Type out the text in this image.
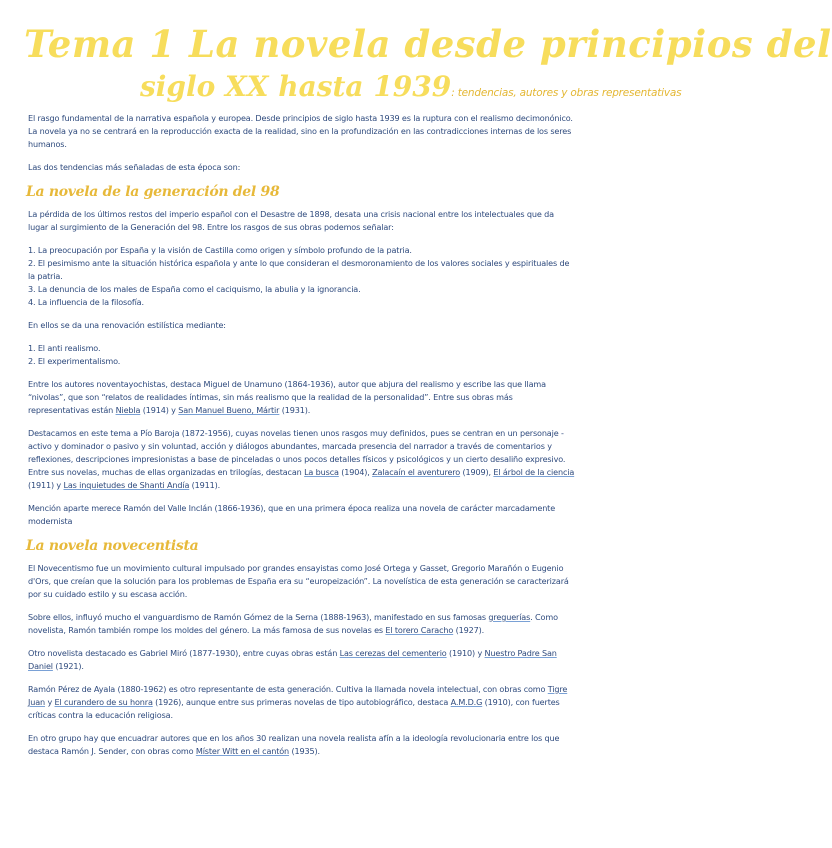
Tema 1 La novela desde principios del
siglo XX hasta 1939: tendencias, autores y obras representativas

El rasgo fundamental de la narrativa española y europea. Desde principios de siglo hasta 1939 es la ruptura con el realismo decimonónico. La novela ya no se centrará en la reproducción exacta de la realidad, sino en la profundización en las contradicciones internas de los seres humanos.

Las dos tendencias más señaladas de esta época son:

La novela de la generación del 98

La pérdida de los últimos restos del imperio español con el Desastre de 1898, desata una crisis nacional entre los intelectuales que da lugar al surgimiento de la Generación del 98. Entre los rasgos de sus obras podemos señalar:

1. La preocupación por España y la visión de Castilla como origen y símbolo profundo de la patria.
2. El pesimismo ante la situación histórica española y ante lo que consideran el desmoronamiento de los valores sociales y espirituales de la patria.
3. La denuncia de los males de España como el caciquismo, la abulia y la ignorancia.
4. La influencia de la filosofía.

En ellos se da una renovación estilística mediante:

1. El anti realismo.
2. El experimentalismo.

Entre los autores noventayochistas, destaca Miguel de Unamuno (1864-1936), autor que abjura del realismo y escribe las que llama “nivolas”, que son “relatos de realidades íntimas, sin más realismo que la realidad de la personalidad”. Entre sus obras más representativas están Niebla (1914) y San Manuel Bueno, Mártir (1931).

Destacamos en este tema a Pío Baroja (1872-1956), cuyas novelas tienen unos rasgos muy definidos, pues se centran en un personaje -activo y dominador o pasivo y sin voluntad, acción y diálogos abundantes, marcada presencia del narrador a través de comentarios y reflexiones, descripciones impresionistas a base de pinceladas o unos pocos detalles físicos y psicológicos y un cierto desaliño expresivo. Entre sus novelas, muchas de ellas organizadas en trilogías, destacan La busca (1904), Zalacaín el aventurero (1909), El árbol de la ciencia (1911) y Las inquietudes de Shanti Andía (1911).

Mención aparte merece Ramón del Valle Inclán (1866-1936), que en una primera época realiza una novela de carácter marcadamente modernista

La novela novecentista

El Novecentismo fue un movimiento cultural impulsado por grandes ensayistas como José Ortega y Gasset, Gregorio Marañón o Eugenio d'Ors, que creían que la solución para los problemas de España era su “europeización”. La novelística de esta generación se caracterizará por su cuidado estilo y su escasa acción.

Sobre ellos, influyó mucho el vanguardismo de Ramón Gómez de la Serna (1888-1963), manifestado en sus famosas greguerías. Como novelista, Ramón también rompe los moldes del género. La más famosa de sus novelas es El torero Caracho (1927).

Otro novelista destacado es Gabriel Miró (1877-1930), entre cuyas obras están Las cerezas del cementerio (1910) y Nuestro Padre San Daniel (1921).

Ramón Pérez de Ayala (1880-1962) es otro representante de esta generación. Cultiva la llamada novela intelectual, con obras como Tigre Juan y El curandero de su honra (1926), aunque entre sus primeras novelas de tipo autobiográfico, destaca A.M.D.G (1910), con fuertes críticas contra la educación religiosa.

En otro grupo hay que encuadrar autores que en los años 30 realizan una novela realista afín a la ideología revolucionaria entre los que destaca Ramón J. Sender, con obras como Míster Witt en el cantón (1935).
